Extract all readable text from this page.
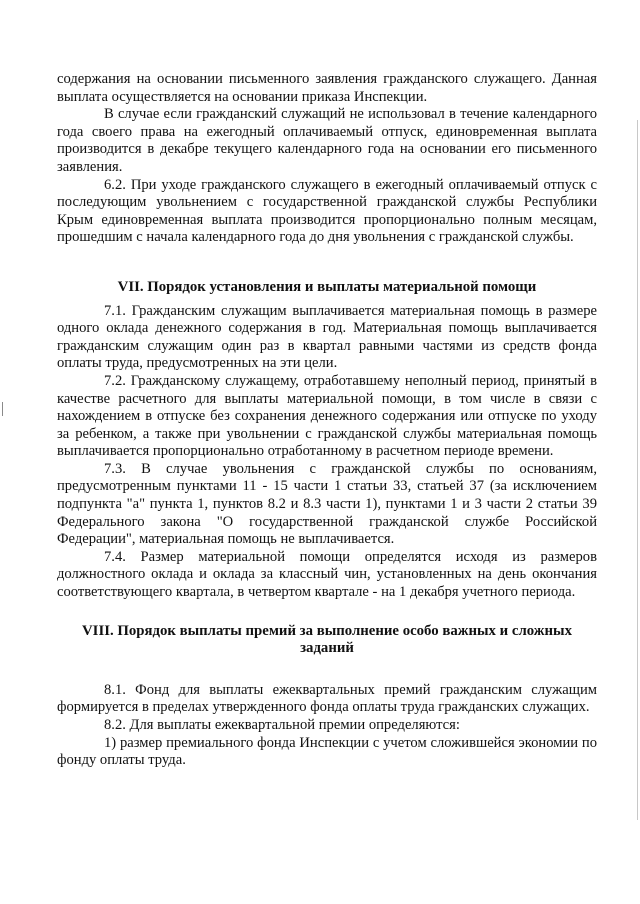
содержания на основании письменного заявления гражданского служащего. Данная выплата осуществляется на основании приказа Инспекции.

В случае если гражданский служащий не использовал в течение календарного года своего права на ежегодный оплачиваемый отпуск, единовременная выплата производится в декабре текущего календарного года на основании его письменного заявления.

6.2. При уходе гражданского служащего в ежегодный оплачиваемый отпуск с последующим увольнением с государственной гражданской службы Республики Крым единовременная выплата производится пропорционально полным месяцам, прошедшим с начала календарного года до дня увольнения с гражданской службы.

VII. Порядок установления и выплаты материальной помощи

7.1. Гражданским служащим выплачивается материальная помощь в размере одного оклада денежного содержания в год. Материальная помощь выплачивается гражданским служащим один раз в квартал равными частями из средств фонда оплаты труда, предусмотренных на эти цели.

7.2. Гражданскому служащему, отработавшему неполный период, принятый в качестве расчетного для выплаты материальной помощи, в том числе в связи с нахождением в отпуске без сохранения денежного содержания или отпуске по уходу за ребенком, а также при увольнении с гражданской службы материальная помощь выплачивается пропорционально отработанному в расчетном периоде времени.

7.3. В случае увольнения с гражданской службы по основаниям, предусмотренным пунктами 11 - 15 части 1 статьи 33, статьей 37 (за исключением подпункта "а" пункта 1, пунктов 8.2 и 8.3 части 1), пунктами 1 и 3 части 2 статьи 39 Федерального закона "О государственной гражданской службе Российской Федерации", материальная помощь не выплачивается.

7.4. Размер материальной помощи определятся исходя из размеров должностного оклада и оклада за классный чин, установленных на день окончания соответствующего квартала, в четвертом квартале - на 1 декабря учетного периода.

VIII. Порядок выплаты премий за выполнение особо важных и сложных заданий

8.1. Фонд для выплаты ежеквартальных премий гражданским служащим формируется в пределах утвержденного фонда оплаты труда гражданских служащих.

8.2. Для выплаты ежеквартальной премии определяются:

1) размер премиального фонда Инспекции с учетом сложившейся экономии по фонду оплаты труда.
